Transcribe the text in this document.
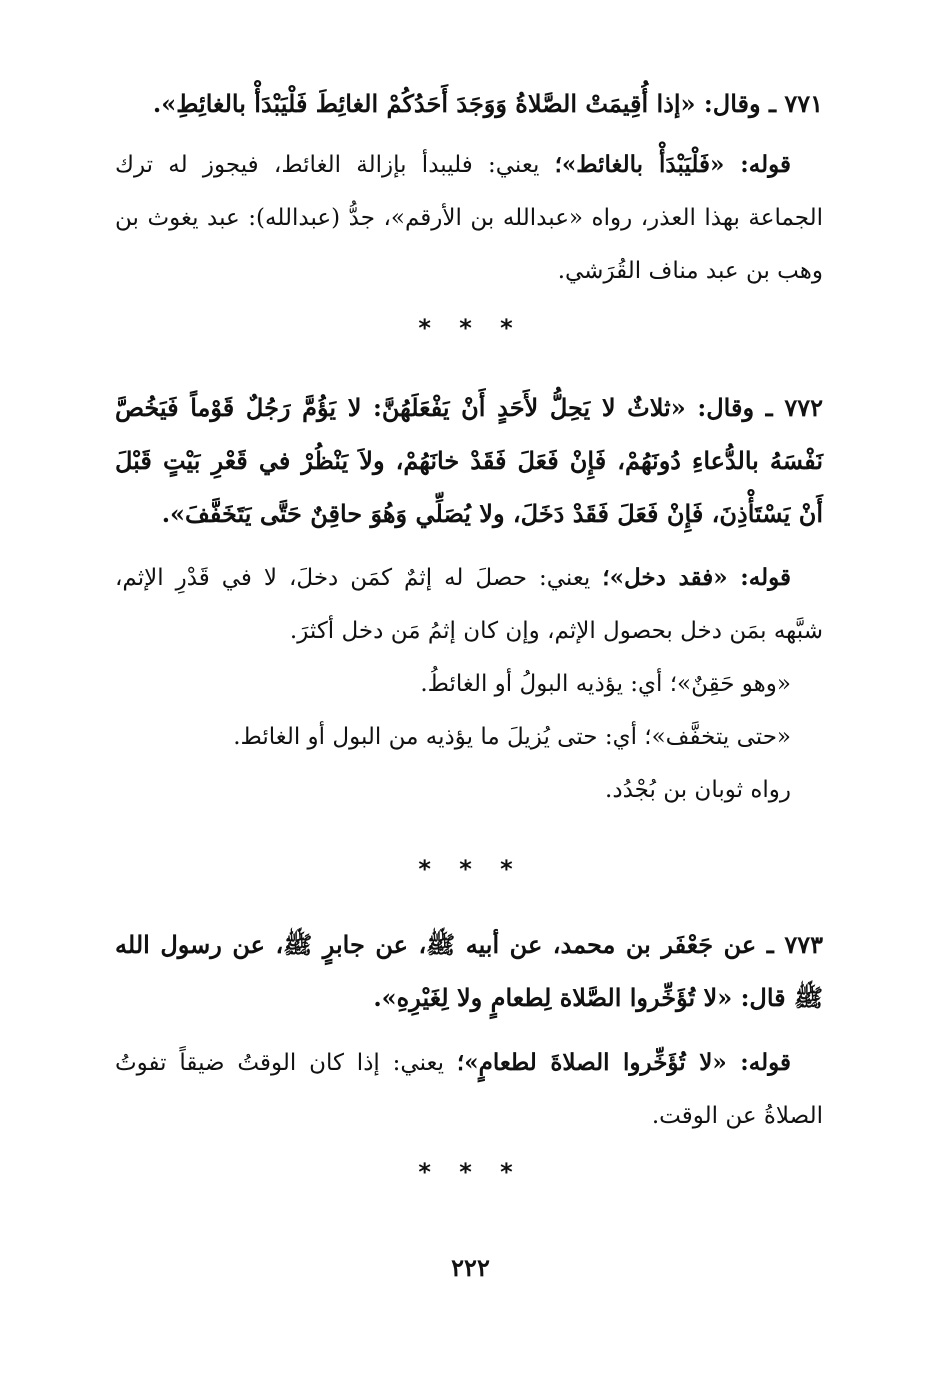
٧٧١ ـ وقال: «إذا أُقِيمَتْ الصَّلاةُ وَوَجَدَ أَحَدُكُمْ الغائِطَ فَلْيَبْدَأْ بالغائِطِ».

قوله: «فَلْيَبْدَأْ بالغائط»؛ يعني: فليبدأ بإزالة الغائط، فيجوز له ترك الجماعة بهذا العذر، رواه «عبدالله بن الأرقم»، جدُّ (عبدالله): عبد يغوث بن وهب بن عبد مناف القُرَشي.

* * *

٧٧٢ ـ وقال: «ثلاثٌ لا يَحِلُّ لأَحَدٍ أَنْ يَفْعَلَهُنَّ: لا يَؤُمَّ رَجُلٌ قَوْماً فَيَخُصَّ نَفْسَهُ بالدُّعاءِ دُونَهُمْ، فَإِنْ فَعَلَ فَقَدْ خانَهُمْ، ولاَ يَنْظُرْ في قَعْرِ بَيْتٍ قَبْلَ أَنْ يَسْتَأْذِنَ، فَإِنْ فَعَلَ فَقَدْ دَخَلَ، ولا يُصَلِّي وَهُوَ حاقِنٌ حَتَّى يَتَخَفَّفَ».

قوله: «فقد دخل»؛ يعني: حصلَ له إثمٌ كمَن دخلَ، لا في قَدْرِ الإثم، شبَّهه بمَن دخل بحصول الإثم، وإن كان إثمُ مَن دخل أكثرَ.

«وهو حَقِنٌ»؛ أي: يؤذيه البولُ أو الغائطُ.

«حتى يتخفَّف»؛ أي: حتى يُزيلَ ما يؤذيه من البول أو الغائط.

رواه ثوبان بن بُجْدُد.

* * *

٧٧٣ ـ عن جَعْفَر بن محمد، عن أبيه ﷺ، عن جابرٍ ﷺ، عن رسول الله ﷺ قال: «لا تُؤَخِّروا الصَّلاة لِطعامٍ ولا لِغَيْرِهِ».

قوله: «لا تُؤَخِّروا الصلاةَ لطعامٍ»؛ يعني: إذا كان الوقتُ ضيقاً تفوتُ الصلاةُ عن الوقت.

* * *
٢٢٢
